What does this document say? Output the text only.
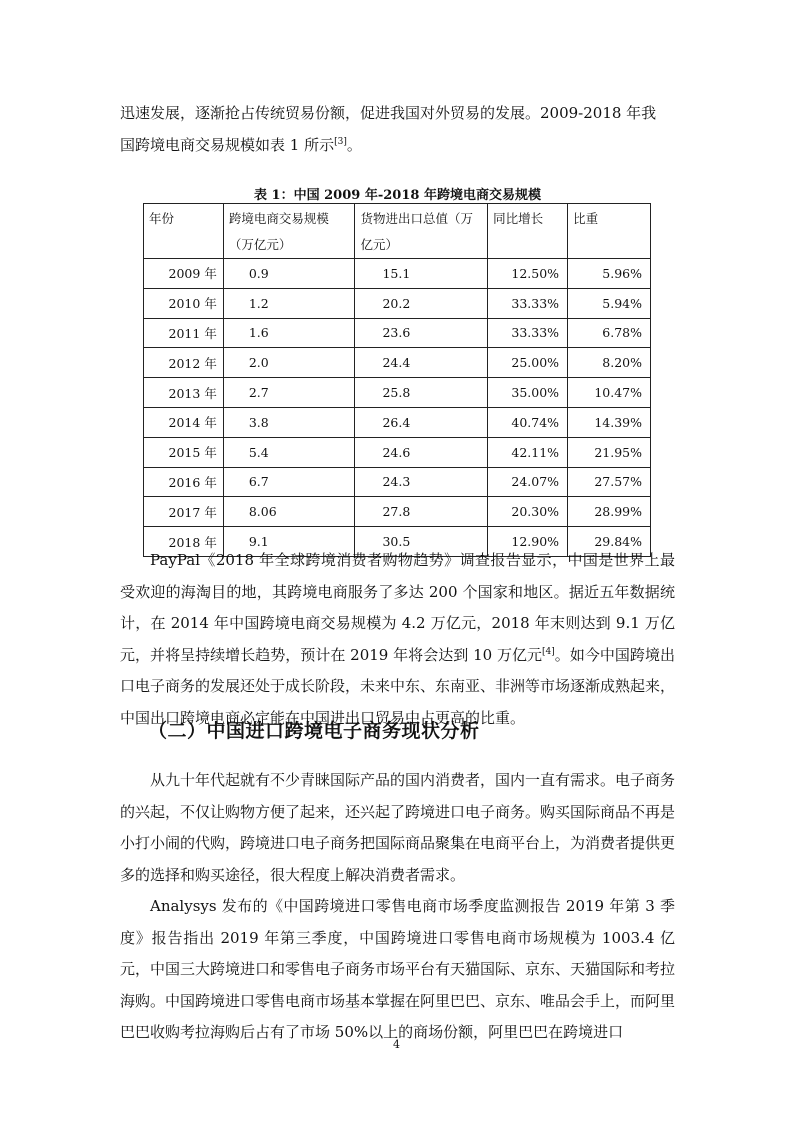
迅速发展，逐渐抢占传统贸易份额，促进我国对外贸易的发展。2009-2018 年我
国跨境电商交易规模如表 1 所示[3]。

表 1：中国 2009 年-2018 年跨境电商交易规模
年份	跨境电商交易规模（万亿元）	货物进出口总值（万亿元）	同比增长	比重
2009 年	0.9	15.1	12.50%	5.96%
2010 年	1.2	20.2	33.33%	5.94%
2011 年	1.6	23.6	33.33%	6.78%
2012 年	2.0	24.4	25.00%	8.20%
2013 年	2.7	25.8	35.00%	10.47%
2014 年	3.8	26.4	40.74%	14.39%
2015 年	5.4	24.6	42.11%	21.95%
2016 年	6.7	24.3	24.07%	27.57%
2017 年	8.06	27.8	20.30%	28.99%
2018 年	9.1	30.5	12.90%	29.84%

PayPal《2018 年全球跨境消费者购物趋势》调查报告显示，中国是世界上最受欢迎的海淘目的地，其跨境电商服务了多达 200 个国家和地区。据近五年数据统计，在 2014 年中国跨境电商交易规模为 4.2 万亿元，2018 年末则达到 9.1 万亿元，并将呈持续增长趋势，预计在 2019 年将会达到 10 万亿元[4]。如今中国跨境出口电子商务的发展还处于成长阶段，未来中东、东南亚、非洲等市场逐渐成熟起来，中国出口跨境电商必定能在中国进出口贸易中占更高的比重。

（二）中国进口跨境电子商务现状分析

从九十年代起就有不少青睐国际产品的国内消费者，国内一直有需求。电子商务的兴起，不仅让购物方便了起来，还兴起了跨境进口电子商务。购买国际商品不再是小打小闹的代购，跨境进口电子商务把国际商品聚集在电商平台上，为消费者提供更多的选择和购买途径，很大程度上解决消费者需求。

Analysys 发布的《中国跨境进口零售电商市场季度监测报告 2019 年第 3 季度》报告指出 2019 年第三季度，中国跨境进口零售电商市场规模为 1003.4 亿元，中国三大跨境进口和零售电子商务市场平台有天猫国际、京东、天猫国际和考拉海购。中国跨境进口零售电商市场基本掌握在阿里巴巴、京东、唯品会手上，而阿里巴巴收购考拉海购后占有了市场 50%以上的商场份额，阿里巴巴在跨境进口

4
